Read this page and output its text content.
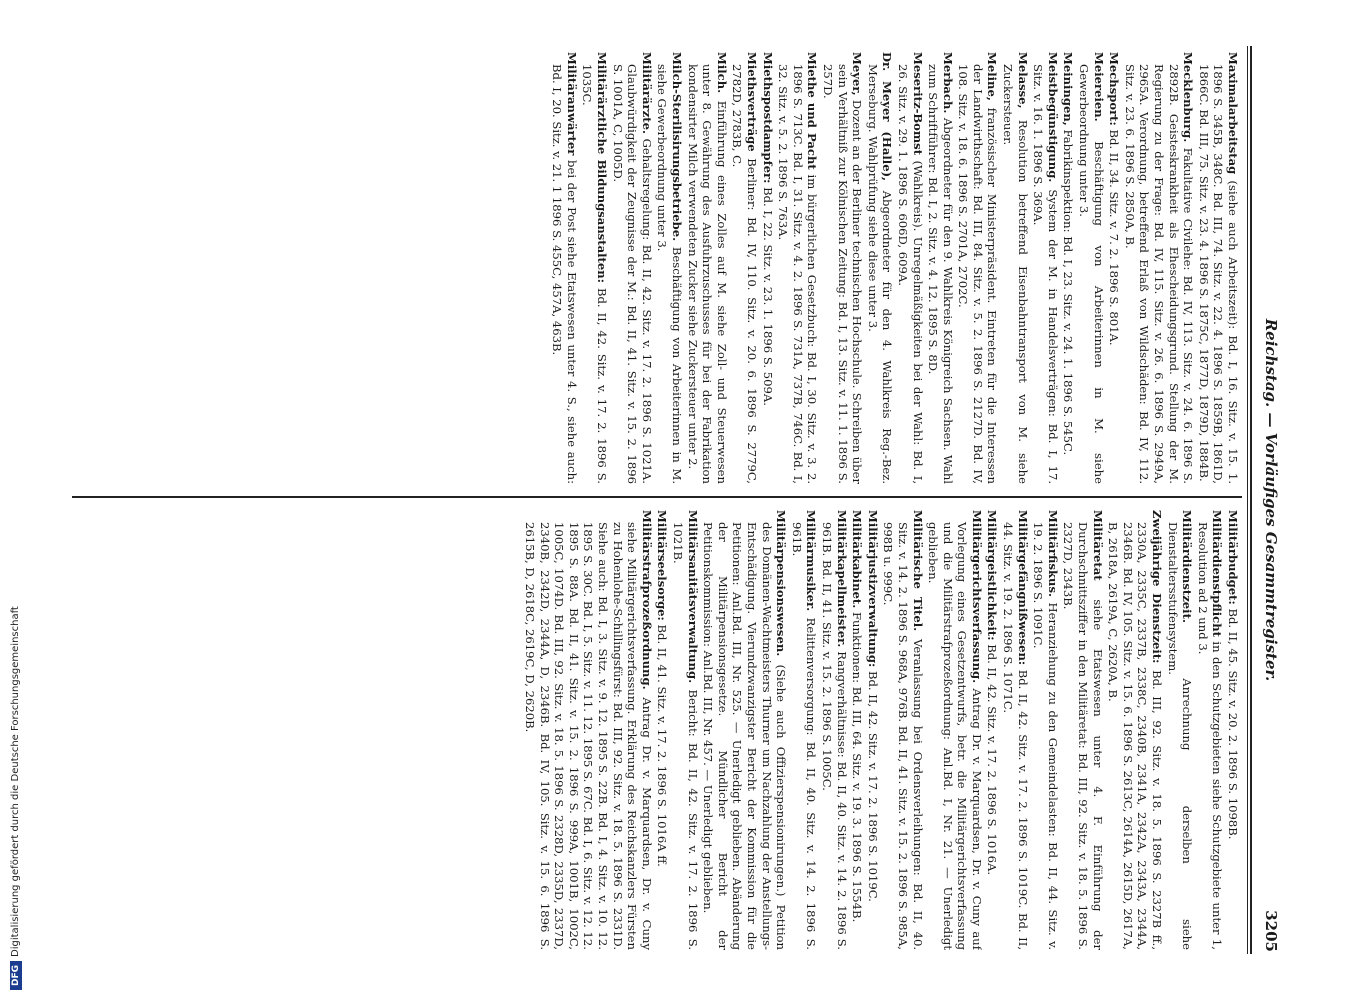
Reichstag. — Vorläufiges Gesammtregister.
3205
Maximalarbeitstag (siehe auch Arbeitszeit): Bd. I, 16. Sitz. v. 15. 1. 1896 S. 345B, 348C. Bd. III, 74. Sitz. v. 22. 4. 1896 S. 1859B, 1861D, 1866C. Bd. III, 75. Sitz. v. 23. 4. 1896 S. 1875C, 1877D, 1879D, 1884B.
Mecklenburg. Fakultative Civilehe: Bd. IV, 113. Sitz. v. 24. 6. 1896 S. 2892B. Geisteskrankheit als Ehescheidungsgrund. Stellung der M. Regierung zu der Frage: Bd. IV, 115. Sitz. v. 26. 6. 1896 S. 2949A, 2965A. Verordnung, betreffend Erlaß von Wildschäden: Bd. IV, 112. Sitz. v. 23. 6. 1896 S. 2850A, B.
Mechsport: Bd. II, 34. Sitz. v. 7. 2. 1896 S. 801A.
Meiereien. Beschäftigung von Arbeiterinnen in M. siehe Gewerbeordnung unter 3.
Meiningen, Fabrikinspektion: Bd. I, 23. Sitz. v. 24. 1. 1896 S. 545C.
Meistbegünstigung. System der M. in Handelsverträgen: Bd. I, 17. Sitz. v. 16. 1. 1896 S. 369A.
Melasse, Resolution betreffend Eisenbahntransport von M. siehe Zuckersteuer.
Meline, französischer Ministerpräsident. Eintreten für die Interessen der Landwirthschaft: Bd. III, 84. Sitz. v. 5. 2. 1896 S. 2127D. Bd. IV, 108. Sitz. v. 18. 6. 1896 S. 2701A, 2702C.
Merbach. Abgeordneter für den 9. Wahlkreis Königreich Sachsen. Wahl zum Schriftführer: Bd. I, 2. Sitz. v. 4. 12. 1895 S. 8D.
Meseritz-Bomst (Wahlkreis). Unregelmäßigkeiten bei der Wahl: Bd. I, 26. Sitz. v. 29. 1. 1896 S. 606D, 609A.
Dr. Meyer (Halle), Abgeordneter für den 4. Wahlkreis Reg.-Bez. Merseburg. Wahlprüfung siehe diese unter 3.
Meyer, Dozent an der Berliner technischen Hochschule. Schreiben über sein Verhältniß zur Kölnischen Zeitung: Bd. I, 13. Sitz. v. 11. 1. 1896 S. 257D.
Miethe und Pacht im bürgerlichen Gesetzbuch: Bd. I, 30. Sitz. v. 3. 2. 1896 S. 713C. Bd. I, 31. Sitz. v. 4. 2. 1896 S. 731A, 737B, 746C. Bd. I, 32. Sitz. v. 5. 2. 1896 S. 763A.
Miethspostdampfer: Bd. I, 22. Sitz. v. 23. 1. 1896 S. 509A.
Miethsverträge Berliner: Bd. IV, 110. Sitz. v. 20. 6. 1896 S. 2779C, 2782D, 2783B, C.
Milch. Einführung eines Zolles auf M. siehe Zoll- und Steuerwesen unter 8. Gewährung des Ausfuhrzuschusses für bei der Fabrikation kondensirter Milch verwendeten Zucker siehe Zuckersteuer unter 2.
Milch-Sterilisirungsbetriebe. Beschäftigung von Arbeiterinnen in M. siehe Gewerbeordnung unter 3.
Militärärzte. Gehaltsregelung: Bd. II, 42. Sitz. v. 17. 2. 1896 S. 1021A. Glaubwürdigkeit der Zeugnisse der M.: Bd. II, 41. Sitz. v. 15. 2. 1896 S. 1001A, C, 1005D.
Militärärztliche Bildungsanstalten: Bd. II, 42. Sitz. v. 17. 2. 1896 S. 1035C.
Militäranwärter bei der Post siehe Etatswesen unter 4. S., siehe auch: Bd. I, 20. Sitz. v. 21. 1 1896 S. 455C, 457A, 463B.
Militärbudget: Bd. II, 45. Sitz. v. 20. 2. 1896 S. 1098B.
Militärdienstpflicht in den Schutzgebieten siehe Schutzgebiete unter 1, Resolution ad 2 und 3.
Militärdienstzeit. Anrechnung derselben siehe Dienstaltersstufensystem.
Zweijährige Dienstzeit: Bd. III, 92. Sitz. v. 18. 5. 1896 S. 2327B ff., 2330A, 2335C, 2337B, 2338C, 2340B, 2341A, 2342A, 2343A, 2344A, 2346B. Bd. IV, 105. Sitz. v. 15. 6. 1896 S. 2613C, 2614A, 2615D, 2617A, B, 2618A, 2619A, C, 2620A, B.
Militäretat siehe Etatswesen unter 4. F. Einführung der Durchschnittsziffer in den Militäretat: Bd. III, 92. Sitz. v. 18. 5. 1896 S. 2327D, 2343B.
Militärfiskus. Heranziehung zu den Gemeindelasten: Bd. II, 44. Sitz. v. 19. 2. 1896 S. 1091C.
Militärgefängnißwesen: Bd. II, 42. Sitz. v. 17. 2. 1896 S. 1019C. Bd. II, 44. Sitz. v. 19. 2. 1896 S. 1071C.
Militärgeistlichkeit: Bd. II, 42. Sitz. v. 17. 2. 1896 S. 1016A.
Militärgerichtsverfassung. Antrag Dr. v. Marquardsen, Dr. v. Cuny auf Vorlegung eines Gesetzentwurfs, betr. die Militärgerichtsverfassung und die Militärstrafprozeßordnung: Anl.Bd. I, Nr. 21. — Unerledigt geblieben.
Militärische Titel. Veranlassung bei Ordensverleihungen: Bd. II, 40. Sitz. v. 14. 2. 1896 S. 968A, 976B. Bd. II, 41. Sitz. v. 15. 2. 1896 S. 985A, 998B u. 999C.
Militärjustizverwaltung: Bd. II, 42. Sitz. v. 17. 2. 1896 S. 1019C.
Militärkabinet. Funktionen: Bd. III, 64. Sitz. v. 19. 3. 1896 S. 1554B.
Militärkapellmeister. Rangverhältnisse: Bd. II, 40. Sitz. v. 14. 2. 1896 S. 961B. Bd. II, 41. Sitz. v. 15. 2. 1896 S. 1005C.
Militärmusiker. Relittenversorgung: Bd. II, 40. Sitz. v. 14. 2. 1896 S. 961B.
Militärpensionswesen. (Siehe auch Offizierspensionirungen.) Petition des Domänen-Wachtmeisters Thurner um Nachzahlung der Anstellungs-Entschädigung. Vierundzwanzigster Bericht der Kommission für die Petitionen: Anl.Bd. III, Nr. 525. — Unerledigt geblieben. Abänderung der Militärpensionsgesetze. Mündlicher Bericht der Petitionskommission: Anl.Bd. III, Nr. 457. — Unerledigt geblieben.
Militärsanitätsverwaltung. Bericht: Bd. II, 42. Sitz. v. 17. 2. 1896 S. 1021B.
Militärseelsorge: Bd. II, 41. Sitz. v. 17. 2. 1896 S. 1016A ff.
Militärstrafprozeßordnung. Antrag Dr. v. Marquardsen, Dr. v. Cuny siehe Militärgerichtsverfassung. Erklärung des Reichskanzlers Fürsten zu Hohenlohe-Schillingsfürst: Bd. III, 92. Sitz. v. 18. 5. 1896 S. 2331D. Siehe auch: Bd. I, 3. Sitz. v. 9. 12. 1895 S. 22B. Bd. I, 4. Sitz. v. 10. 12. 1895 S. 30C. Bd. I, 5. Sitz. v. 11. 12. 1895 S. 67C. Bd. I, 6. Sitz. v. 12. 12. 1895 S. 88A. Bd. II, 41. Sitz. v. 15. 2. 1896 S. 999A, 1001B, 1002C, 1005C, 1074D. Bd. III, 92. Sitz. v. 18. 5. 1896 S. 2328D, 2335D, 2337D, 2340B, 2342D, 2344A, D, 2346B. Bd. IV, 105. Sitz. v. 15. 6. 1896 S. 2615B, D, 2618C, 2619C, D, 2620B.
DFGDigitalisierung gefördert durch die Deutsche Forschungsgemeinschaft
